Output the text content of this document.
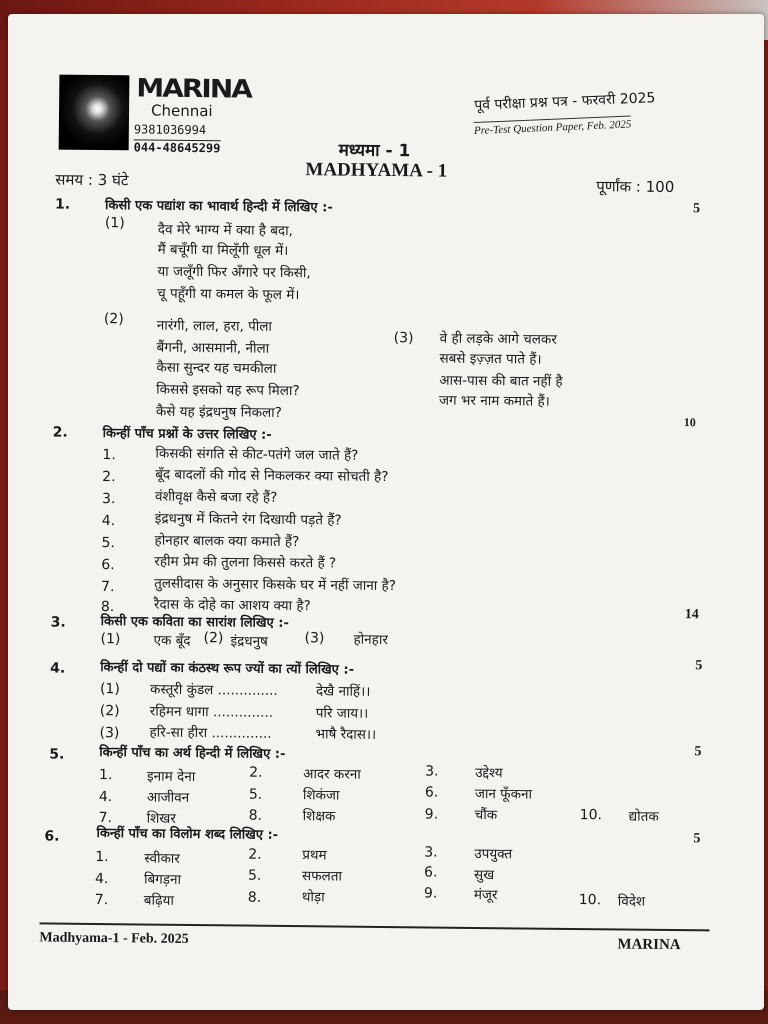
MARINA
Chennai
9381036994
044-48645299
पूर्व परीक्षा प्रश्न पत्र - फरवरी 2025
Pre-Test Question Paper, Feb. 2025
मध्यमा - 1
MADHYAMA - 1
समय : 3 घंटे	पूर्णांक : 100
1.	किसी एक पद्यांश का भावार्थ हिन्दी में लिखिए :-	5
(1) दैव मेरे भाग्य में क्या है बदा,
मैं बचूँगी या मिलूँगी धूल में।
या जलूँगी फिर अँगारे पर किसी,
चू पहूँगी या कमल के फूल में।
(2) नारंगी, लाल, हरा, पीला
बैंगनी, आसमानी, नीला
कैसा सुन्दर यह चमकीला
किससे इसको यह रूप मिला?
कैसे यह इंद्रधनुष निकला?
(3) वे ही लड़के आगे चलकर
सबसे इज़्ज़त पाते हैं।
आस-पास की बात नहीं है
जग भर नाम कमाते हैं।
10
2.	किन्हीं पाँच प्रश्नों के उत्तर लिखिए :-
1.	किसकी संगति से कीट-पतंगे जल जाते हैं?
2.	बूँद बादलों की गोद से निकलकर क्या सोचती है?
3.	वंशीवृक्ष कैसे बजा रहे हैं?
4.	इंद्रधनुष में कितने रंग दिखायी पड़ते हैं?
5.	होनहार बालक क्या कमाते हैं?
6.	रहीम प्रेम की तुलना किससे करते हैं ?
7.	तुलसीदास के अनुसार किसके घर में नहीं जाना है?
8.	रैदास के दोहे का आशय क्या है?
14
3.	किसी एक कविता का सारांश लिखिए :-
(1) एक बूँद (2) इंद्रधनुष	(3) होनहार
5
4.	किन्हीं दो पद्यों का कंठस्थ रूप ज्यों का त्यों लिखिए :-
(1) कस्तूरी कुंडल ..............	देखै नाहिं।।
(2) रहिमन धागा ..............	परि जाय।।
(3) हरि-सा हीरा ..............	भाषै रैदास।।
5
5.	किन्हीं पाँच का अर्थ हिन्दी में लिखिए :-
1.	इनाम देना	2.	आदर करना	3.	उद्देश्य
4.	आजीवन	5.	शिकंजा	6.	जान फूँकना
7.	शिखर	8.	शिक्षक	9.	चौंक	10. द्योतक
5
6.	किन्हीं पाँच का विलोम शब्द लिखिए :-
1.	स्वीकार	2.	प्रथम	3.	उपयुक्त
4.	बिगड़ना	5.	सफलता	6.	सुख
7.	बढ़िया	8.	थोड़ा	9.	मंजूर	10. विदेश
Madhyama-1 - Feb. 2025	MARINA
